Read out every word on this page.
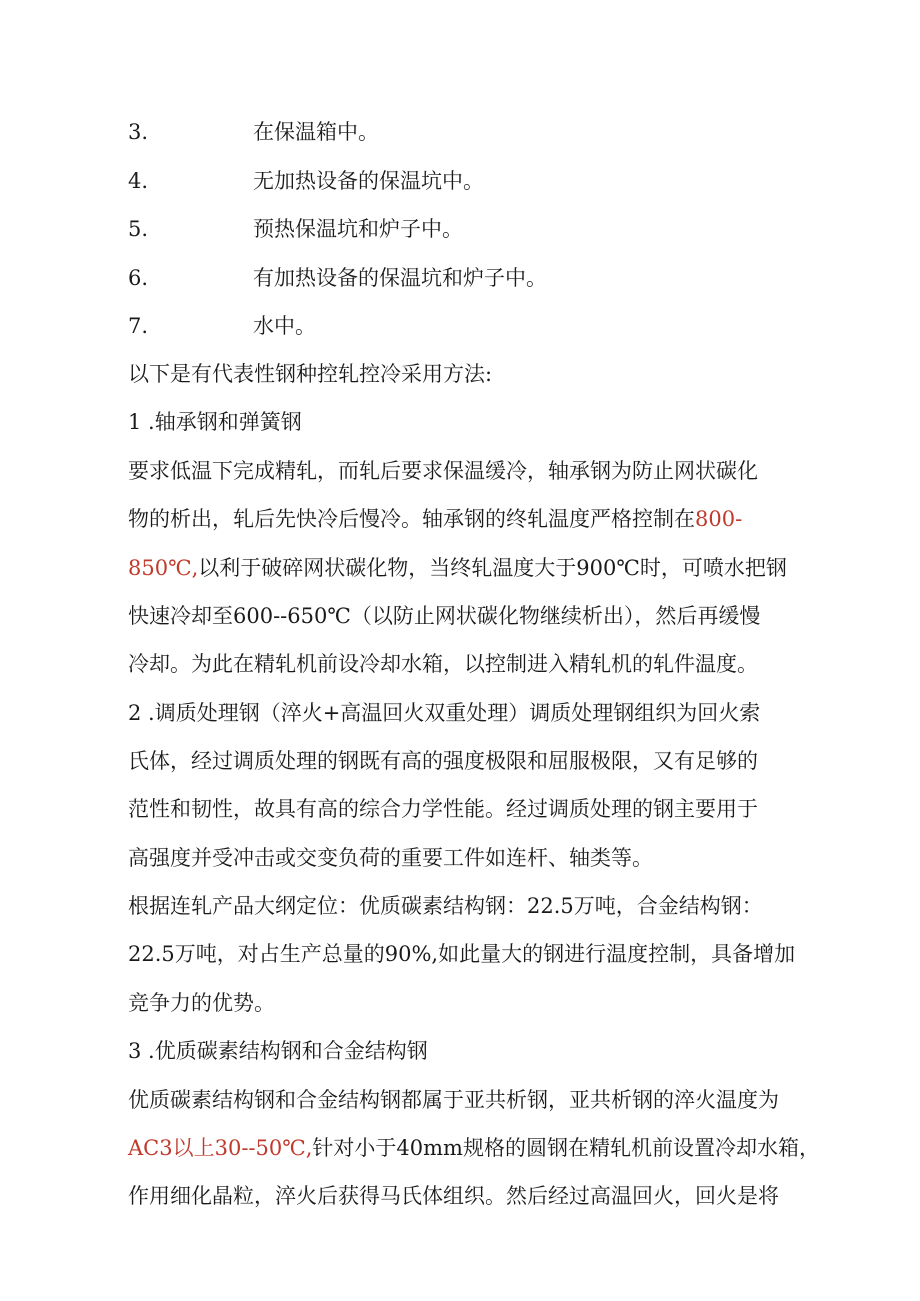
3.	在保温箱中。
4.	无加热设备的保温坑中。
5.	预热保温坑和炉子中。
6.	有加热设备的保温坑和炉子中。
7.	水中。
以下是有代表性钢种控轧控冷采用方法:
1 .轴承钢和弹簧钢
要求低温下完成精轧，而轧后要求保温缓冷，轴承钢为防止网状碳化
物的析出，轧后先快冷后慢冷。轴承钢的终轧温度严格控制在800-
850℃,以利于破碎网状碳化物，当终轧温度大于900℃时，可喷水把钢
快速冷却至600--650℃（以防止网状碳化物继续析出），然后再缓慢
冷却。为此在精轧机前设冷却水箱，以控制进入精轧机的轧件温度。
2 .调质处理钢（淬火+高温回火双重处理）调质处理钢组织为回火索
氏体，经过调质处理的钢既有高的强度极限和屈服极限，又有足够的
范性和韧性，故具有高的综合力学性能。经过调质处理的钢主要用于
高强度并受冲击或交变负荷的重要工件如连杆、轴类等。
根据连轧产品大纲定位：优质碳素结构钢：22.5万吨，合金结构钢：
22.5万吨，对占生产总量的90%,如此量大的钢进行温度控制，具备增加
竞争力的优势。
3 .优质碳素结构钢和合金结构钢
优质碳素结构钢和合金结构钢都属于亚共析钢，亚共析钢的淬火温度为
AC3以上30--50℃,针对小于40mm规格的圆钢在精轧机前设置冷却水箱，
作用细化晶粒，淬火后获得马氏体组织。然后经过高温回火，回火是将
